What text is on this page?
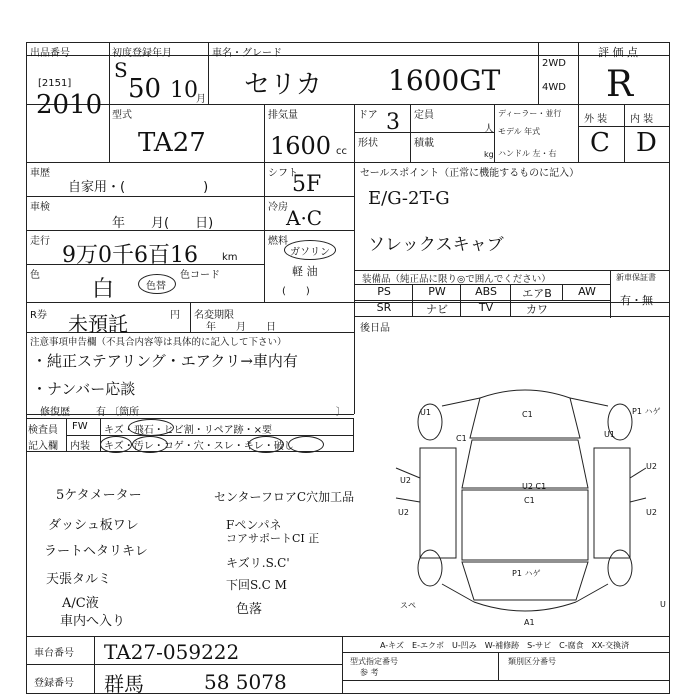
出品番号
[2151]
2010
初度登録年月
S
50 10
月
車名・グレード
セリカ 1600GT
2WD
4WD
評 価 点
R
型式
TA27
排気量
1600 cc
ドア 3
形状
定員
人
積載
kg
ディーラー・並行
モデル 年式
ハンドル 左・右
外 装 内 装
C D
車歴
自家用・(　　　　　　)
車検
年　　月(　　日)
走行
9万0千6百16 km
色
白	色替
色コード
シフト
5F
冷房
A·C
燃料
ガソリン
軽 油
(　　)
セールスポイント（正常に機能するものに記入）
E/G-2T-G
ソレックスキャブ
装備品（純正品に限り◎で囲んでください）	新車保証書
有・無
PS	PW	ABS	エアB	AW
SR	ナビ	TV	カワ
後日品
R券 未預託	円 名変期限
年　　月　　日
注意事項申告欄（不具合内容等は具体的に記入して下さい）
・純正ステアリング・エアクリ→車内有
・ナンバー応談
修復歴	有 〔箇所	〕
検査員
記入欄
FW キズ・飛石・ヒビ割・リペア跡・×要
内装 キズ・汚レ・コゲ・穴・スレ・キレ・破し
5ケタメーター
ダッシュ板ワレ
ラートヘタリキレ
天張タルミ
A/C液
車内へ入り
センターフロアC穴加工品
Fペンパネ
コアサポートCI 正
キズリ.S.C'
下回S.C M
色落
U1	C1	P1 ハゲ
C1	U1
U2
U2
U2 C1
C1
U2	U2
P1 ハゲ
スペ	U
A1
車台番号 TA27-059222
登録番号 群馬	58 5078
A-キズ　E-エクボ　U-凹み　W-補修跡　S-サビ　C-腐食　XX-交換済
型式指定番号	類別区分番号
参 考
